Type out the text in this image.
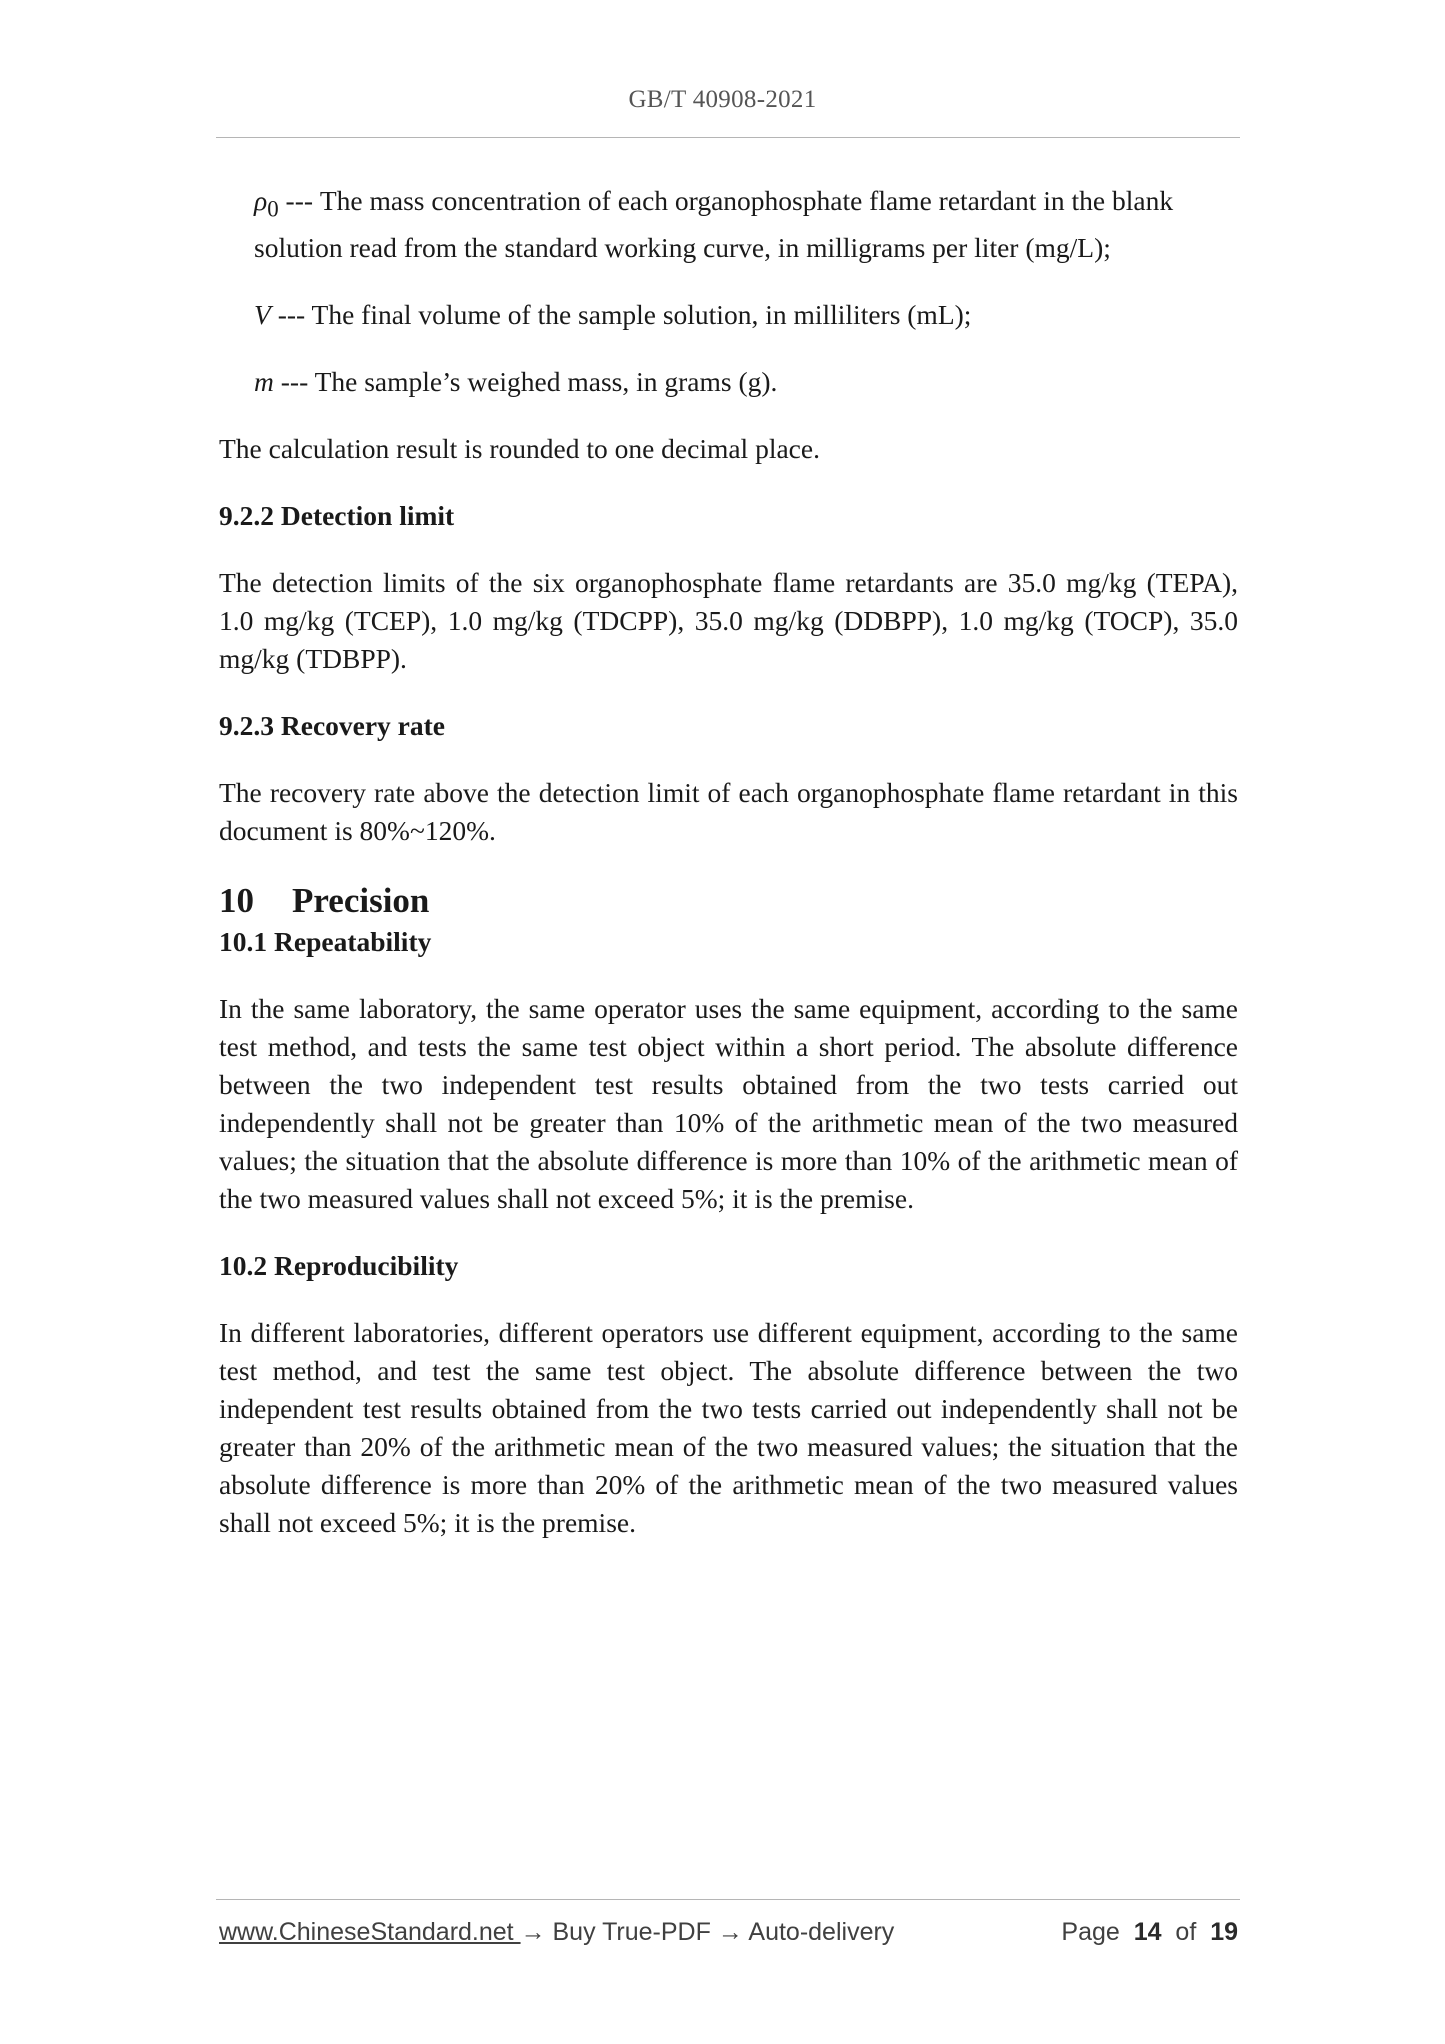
GB/T 40908-2021

$\rho_0$ --- The mass concentration of each organophosphate flame retardant in the blank solution read from the standard working curve, in milligrams per liter (mg/L);

V --- The final volume of the sample solution, in milliliters (mL);

m --- The sample’s weighed mass, in grams (g).

The calculation result is rounded to one decimal place.

9.2.2 Detection limit

The detection limits of the six organophosphate flame retardants are 35.0 mg/kg (TEPA), 1.0 mg/kg (TCEP), 1.0 mg/kg (TDCPP), 35.0 mg/kg (DDBPP), 1.0 mg/kg (TOCP), 35.0 mg/kg (TDBPP).

9.2.3 Recovery rate

The recovery rate above the detection limit of each organophosphate flame retardant in this document is 80%~120%.

10 Precision

10.1 Repeatability

In the same laboratory, the same operator uses the same equipment, according to the same test method, and tests the same test object within a short period. The absolute difference between the two independent test results obtained from the two tests carried out independently shall not be greater than 10% of the arithmetic mean of the two measured values; the situation that the absolute difference is more than 10% of the arithmetic mean of the two measured values shall not exceed 5%; it is the premise.

10.2 Reproducibility

In different laboratories, different operators use different equipment, according to the same test method, and test the same test object. The absolute difference between the two independent test results obtained from the two tests carried out independently shall not be greater than 20% of the arithmetic mean of the two measured values; the situation that the absolute difference is more than 20% of the arithmetic mean of the two measured values shall not exceed 5%; it is the premise.

www.ChineseStandard.net → Buy True-PDF → Auto-delivery	Page 14 of 19
